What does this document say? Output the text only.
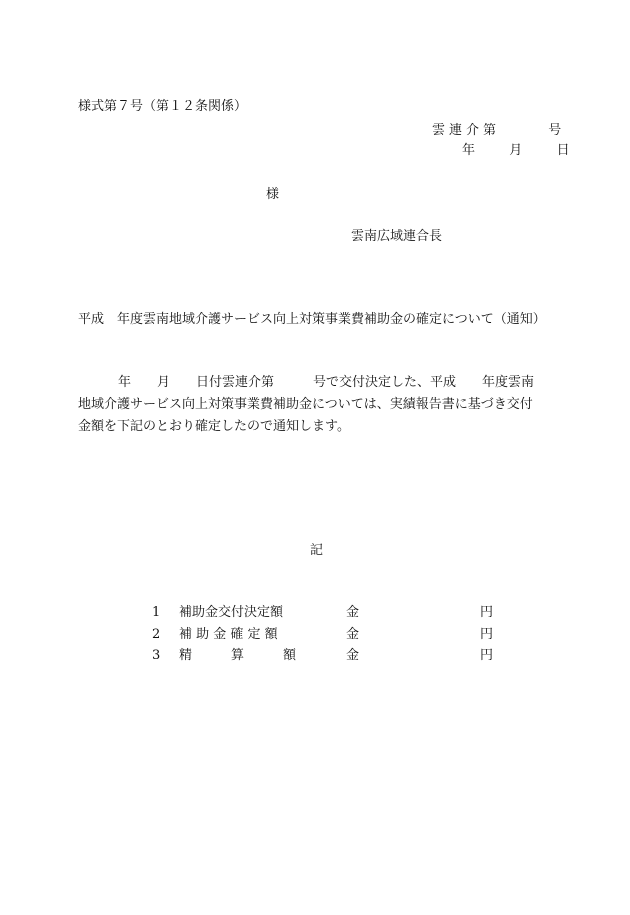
様式第７号（第１２条関係）
雲連介第	号
年	月	日
様
雲南広域連合長
平成　年度雲南地域介護サービス向上対策事業費補助金の確定について（通知）
年　　月　　日付雲連介第　　　号で交付決定した、平成　　年度雲南
地域介護サービス向上対策事業費補助金については、実績報告書に基づき交付
金額を下記のとおり確定したので通知します。
記
1 補助金交付決定額	金	円
2 補 助 金 確 定 額	金	円
3 精　　　算　　　額	金	円
